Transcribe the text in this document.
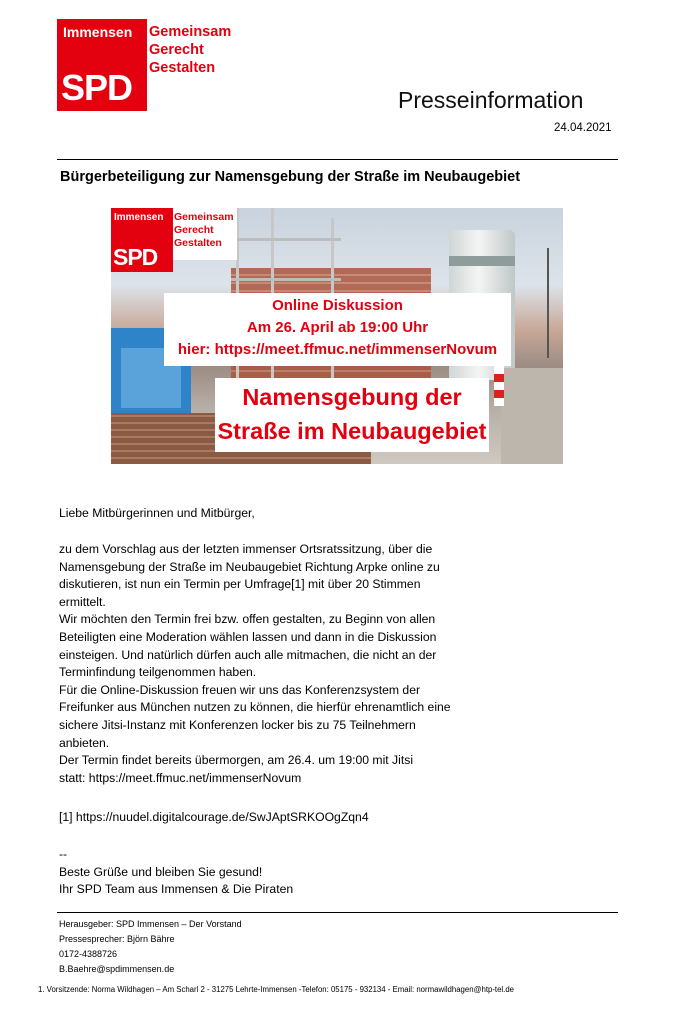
Immensen
SPD
Gemeinsam
Gerecht
Gestalten
Presseinformation
24.04.2021
Bürgerbeteiligung zur Namensgebung der Straße im Neubaugebiet
Immensen
SPD
Gemeinsam
Gerecht
Gestalten
Online Diskussion
Am 26. April ab 19:00 Uhr
hier: https://meet.ffmuc.net/immenserNovum
Namensgebung der
Straße im Neubaugebiet
Liebe Mitbürgerinnen und Mitbürger,
zu dem Vorschlag aus der letzten immenser Ortsratssitzung, über die
Namensgebung der Straße im Neubaugebiet Richtung Arpke online zu
diskutieren, ist nun ein Termin per Umfrage[1] mit über 20 Stimmen
ermittelt.
Wir möchten den Termin frei bzw. offen gestalten, zu Beginn von allen
Beteiligten eine Moderation wählen lassen und dann in die Diskussion
einsteigen. Und natürlich dürfen auch alle mitmachen, die nicht an der
Terminfindung teilgenommen haben.
Für die Online-Diskussion freuen wir uns das Konferenzsystem der
Freifunker aus München nutzen zu können, die hierfür ehrenamtlich eine
sichere Jitsi-Instanz mit Konferenzen locker bis zu 75 Teilnehmern
anbieten.
Der Termin findet bereits übermorgen, am 26.4. um 19:00 mit Jitsi
statt: https://meet.ffmuc.net/immenserNovum
[1] https://nuudel.digitalcourage.de/SwJAptSRKOOgZqn4
--
Beste Grüße und bleiben Sie gesund!
Ihr SPD Team aus Immensen & Die Piraten
Herausgeber: SPD Immensen – Der Vorstand
Pressesprecher: Björn Bähre
0172-4388726
B.Baehre@spdimmensen.de
1. Vorsitzende: Norma Wildhagen – Am Scharl 2 - 31275 Lehrte-Immensen -Telefon: 05175 - 932134 - Email: normawildhagen@htp-tel.de
